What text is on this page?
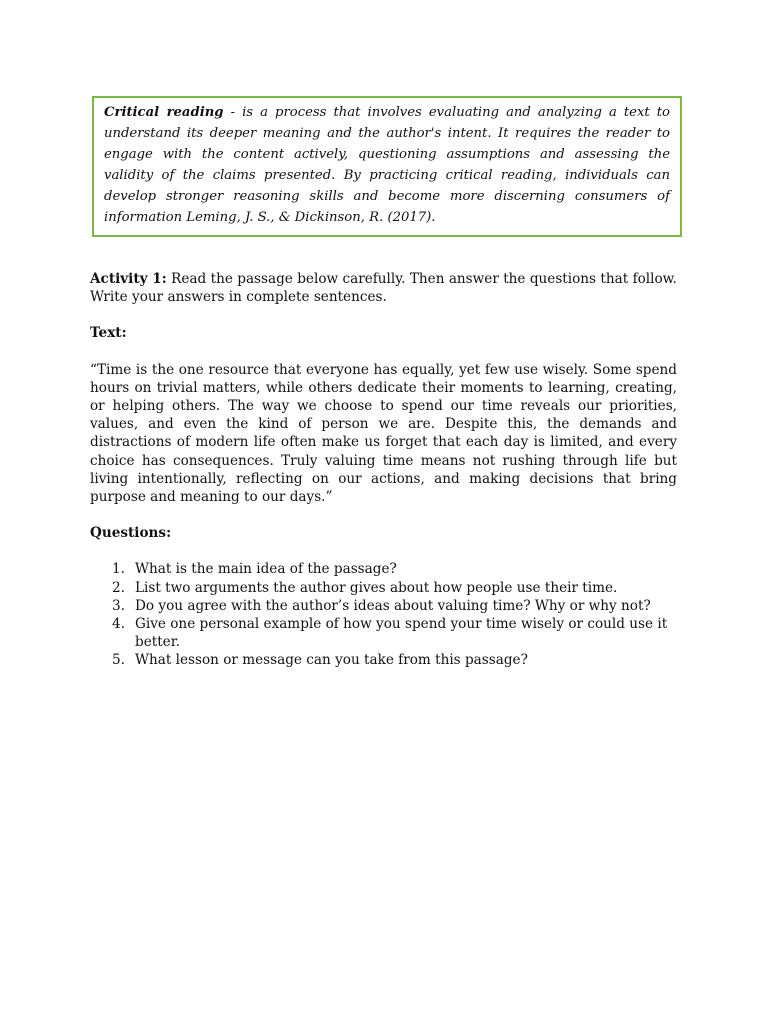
Critical reading - is a process that involves evaluating and analyzing a text to understand its deeper meaning and the author's intent. It requires the reader to engage with the content actively, questioning assumptions and assessing the validity of the claims presented. By practicing critical reading, individuals can develop stronger reasoning skills and become more discerning consumers of information Leming, J. S., & Dickinson, R. (2017).

Activity 1: Read the passage below carefully. Then answer the questions that follow. Write your answers in complete sentences.

Text:

“Time is the one resource that everyone has equally, yet few use wisely. Some spend hours on trivial matters, while others dedicate their moments to learning, creating, or helping others. The way we choose to spend our time reveals our priorities, values, and even the kind of person we are. Despite this, the demands and distractions of modern life often make us forget that each day is limited, and every choice has consequences. Truly valuing time means not rushing through life but living intentionally, reflecting on our actions, and making decisions that bring purpose and meaning to our days.”

Questions:

1. What is the main idea of the passage?
2. List two arguments the author gives about how people use their time.
3. Do you agree with the author’s ideas about valuing time? Why or why not?
4. Give one personal example of how you spend your time wisely or could use it better.
5. What lesson or message can you take from this passage?
